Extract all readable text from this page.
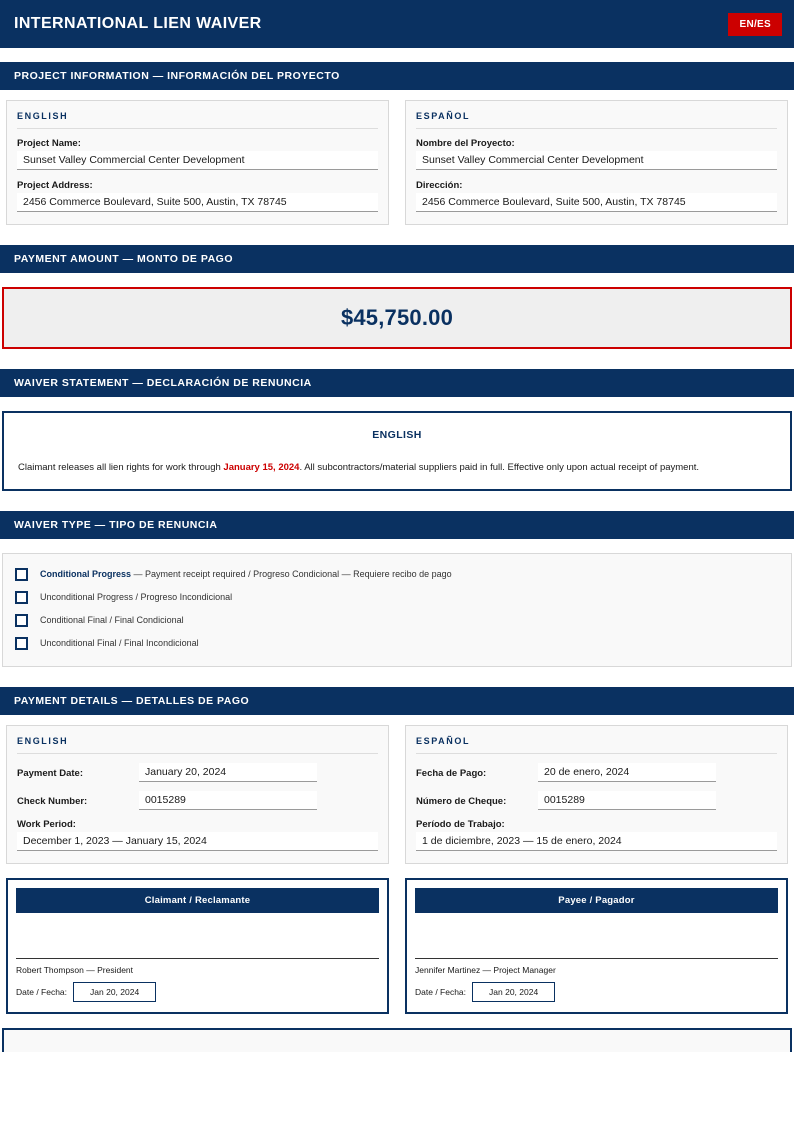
INTERNATIONAL LIEN WAIVER	EN/ES
PROJECT INFORMATION — INFORMACIÓN DEL PROYECTO
ENGLISH
Project Name:
Sunset Valley Commercial Center Development
Project Address:
2456 Commerce Boulevard, Suite 500, Austin, TX 78745
ESPAÑOL
Nombre del Proyecto:
Sunset Valley Commercial Center Development
Dirección:
2456 Commerce Boulevard, Suite 500, Austin, TX 78745
PAYMENT AMOUNT — MONTO DE PAGO
$45,750.00
WAIVER STATEMENT — DECLARACIÓN DE RENUNCIA
ENGLISH
Claimant releases all lien rights for work through January 15, 2024. All subcontractors/material suppliers paid in full. Effective only upon actual receipt of payment.
WAIVER TYPE — TIPO DE RENUNCIA
Conditional Progress — Payment receipt required / Progreso Condicional — Requiere recibo de pago
Unconditional Progress / Progreso Incondicional
Conditional Final / Final Condicional
Unconditional Final / Final Incondicional
PAYMENT DETAILS — DETALLES DE PAGO
ENGLISH
Payment Date:	January 20, 2024
Check Number:	0015289
Work Period:
December 1, 2023 — January 15, 2024
ESPAÑOL
Fecha de Pago:	20 de enero, 2024
Número de Cheque:	0015289
Período de Trabajo:
1 de diciembre, 2023 — 15 de enero, 2024
Claimant / Reclamante
Robert Thompson — President
Date / Fecha:	Jan 20, 2024
Payee / Pagador
Jennifer Martinez — Project Manager
Date / Fecha:	Jan 20, 2024
